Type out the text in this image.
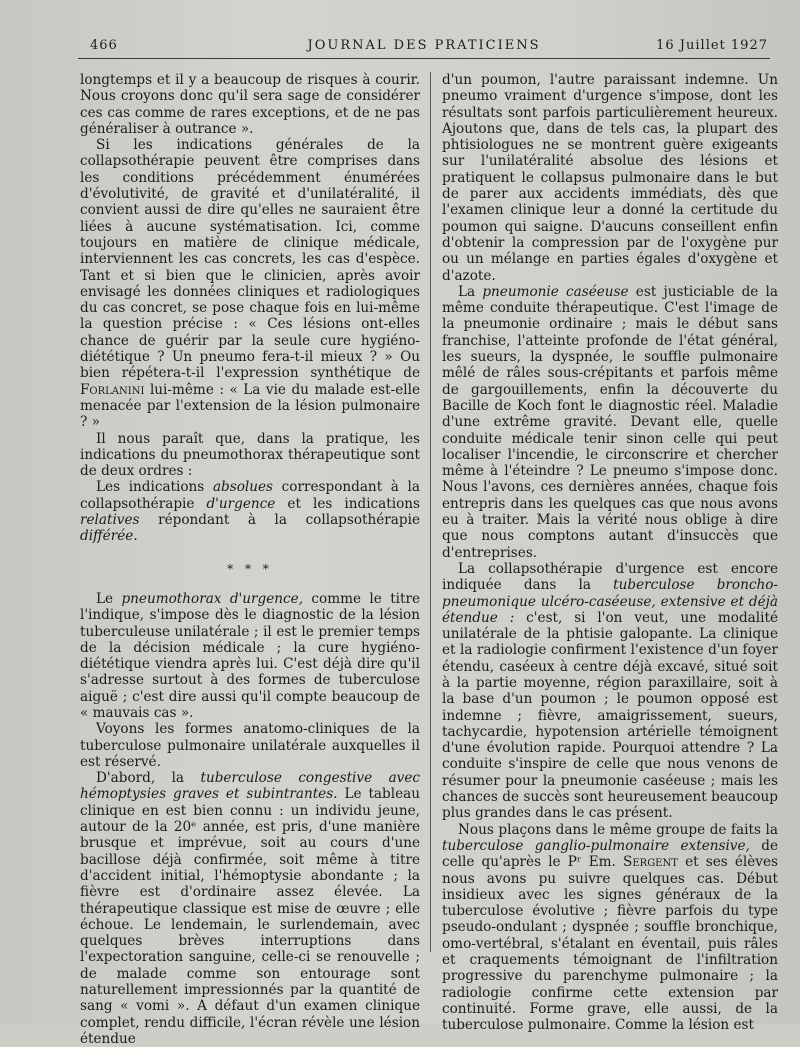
466	JOURNAL DES PRATICIENS	16 Juillet 1927

longtemps et il y a beaucoup de risques à courir. Nous croyons donc qu'il sera sage de considérer ces cas comme de rares exceptions, et de ne pas généraliser à outrance ».

Si les indications générales de la collapsothérapie peuvent être comprises dans les conditions précédemment énumérées d'évolutivité, de gravité et d'unilatéralité, il convient aussi de dire qu'elles ne sauraient être liées à aucune systématisation. Ici, comme toujours en matière de clinique médicale, interviennent les cas concrets, les cas d'espèce. Tant et si bien que le clinicien, après avoir envisagé les données cliniques et radiologiques du cas concret, se pose chaque fois en lui-même la question précise : « Ces lésions ont-elles chance de guérir par la seule cure hygiéno-diététique ? Un pneumo fera-t-il mieux ? » Ou bien répétera-t-il l'expression synthétique de Forlanini lui-même : « La vie du malade est-elle menacée par l'extension de la lésion pulmonaire ? »

Il nous paraît que, dans la pratique, les indications du pneumothorax thérapeutique sont de deux ordres :

Les indications absolues correspondant à la collapsothérapie d'urgence et les indications relatives répondant à la collapsothérapie différée.

* * *

Le pneumothorax d'urgence, comme le titre l'indique, s'impose dès le diagnostic de la lésion tuberculeuse unilatérale ; il est le premier temps de la décision médicale ; la cure hygiéno-diététique viendra après lui. C'est déjà dire qu'il s'adresse surtout à des formes de tuberculose aiguë ; c'est dire aussi qu'il compte beaucoup de « mauvais cas ».

Voyons les formes anatomo-cliniques de la tuberculose pulmonaire unilatérale auxquelles il est réservé.

D'abord, la tuberculose congestive avec hémoptysies graves et subintrantes. Le tableau clinique en est bien connu : un individu jeune, autour de la 20ᵉ année, est pris, d'une manière brusque et imprévue, soit au cours d'une bacillose déjà confirmée, soit même à titre d'accident initial, l'hémoptysie abondante ; la fièvre est d'ordinaire assez élevée. La thérapeutique classique est mise de œuvre ; elle échoue. Le lendemain, le surlendemain, avec quelques brèves interruptions dans l'expectoration sanguine, celle-ci se renouvelle ; de malade comme son entourage sont naturellement impressionnés par la quantité de sang « vomi ». A défaut d'un examen clinique complet, rendu difficile, l'écran révèle une lésion étendue

d'un poumon, l'autre paraissant indemne. Un pneumo vraiment d'urgence s'impose, dont les résultats sont parfois particulièrement heureux. Ajoutons que, dans de tels cas, la plupart des phtisiologues ne se montrent guère exigeants sur l'unilatéralité absolue des lésions et pratiquent le collapsus pulmonaire dans le but de parer aux accidents immédiats, dès que l'examen clinique leur a donné la certitude du poumon qui saigne. D'aucuns conseillent enfin d'obtenir la compression par de l'oxygène pur ou un mélange en parties égales d'oxygène et d'azote.

La pneumonie caséeuse est justiciable de la même conduite thérapeutique. C'est l'image de la pneumonie ordinaire ; mais le début sans franchise, l'atteinte profonde de l'état général, les sueurs, la dyspnée, le souffle pulmonaire mêlé de râles sous-crépitants et parfois même de gargouillements, enfin la découverte du Bacille de Koch font le diagnostic réel. Maladie d'une extrême gravité. Devant elle, quelle conduite médicale tenir sinon celle qui peut localiser l'incendie, le circonscrire et chercher même à l'éteindre ? Le pneumo s'impose donc. Nous l'avons, ces dernières années, chaque fois entrepris dans les quelques cas que nous avons eu à traiter. Mais la vérité nous oblige à dire que nous comptons autant d'insuccès que d'entreprises.

La collapsothérapie d'urgence est encore indiquée dans la tuberculose broncho-pneumonique ulcéro-caséeuse, extensive et déjà étendue : c'est, si l'on veut, une modalité unilatérale de la phtisie galopante. La clinique et la radiologie confirment l'existence d'un foyer étendu, caséeux à centre déjà excavé, situé soit à la partie moyenne, région paraxillaire, soit à la base d'un poumon ; le poumon opposé est indemne ; fièvre, amaigrissement, sueurs, tachycardie, hypotension artérielle témoignent d'une évolution rapide. Pourquoi attendre ? La conduite s'inspire de celle que nous venons de résumer pour la pneumonie caséeuse ; mais les chances de succès sont heureusement beaucoup plus grandes dans le cas présent.

Nous plaçons dans le même groupe de faits la tuberculose ganglio-pulmonaire extensive, de celle qu'après le Pʳ Em. Sergent et ses élèves nous avons pu suivre quelques cas. Début insidieux avec les signes généraux de la tuberculose évolutive ; fièvre parfois du type pseudo-ondulant ; dyspnée ; souffle bronchique, omo-vertébral, s'étalant en éventail, puis râles et craquements témoignant de l'infiltration progressive du parenchyme pulmonaire ; la radiologie confirme cette extension par continuité. Forme grave, elle aussi, de la tuberculose pulmonaire. Comme la lésion est
